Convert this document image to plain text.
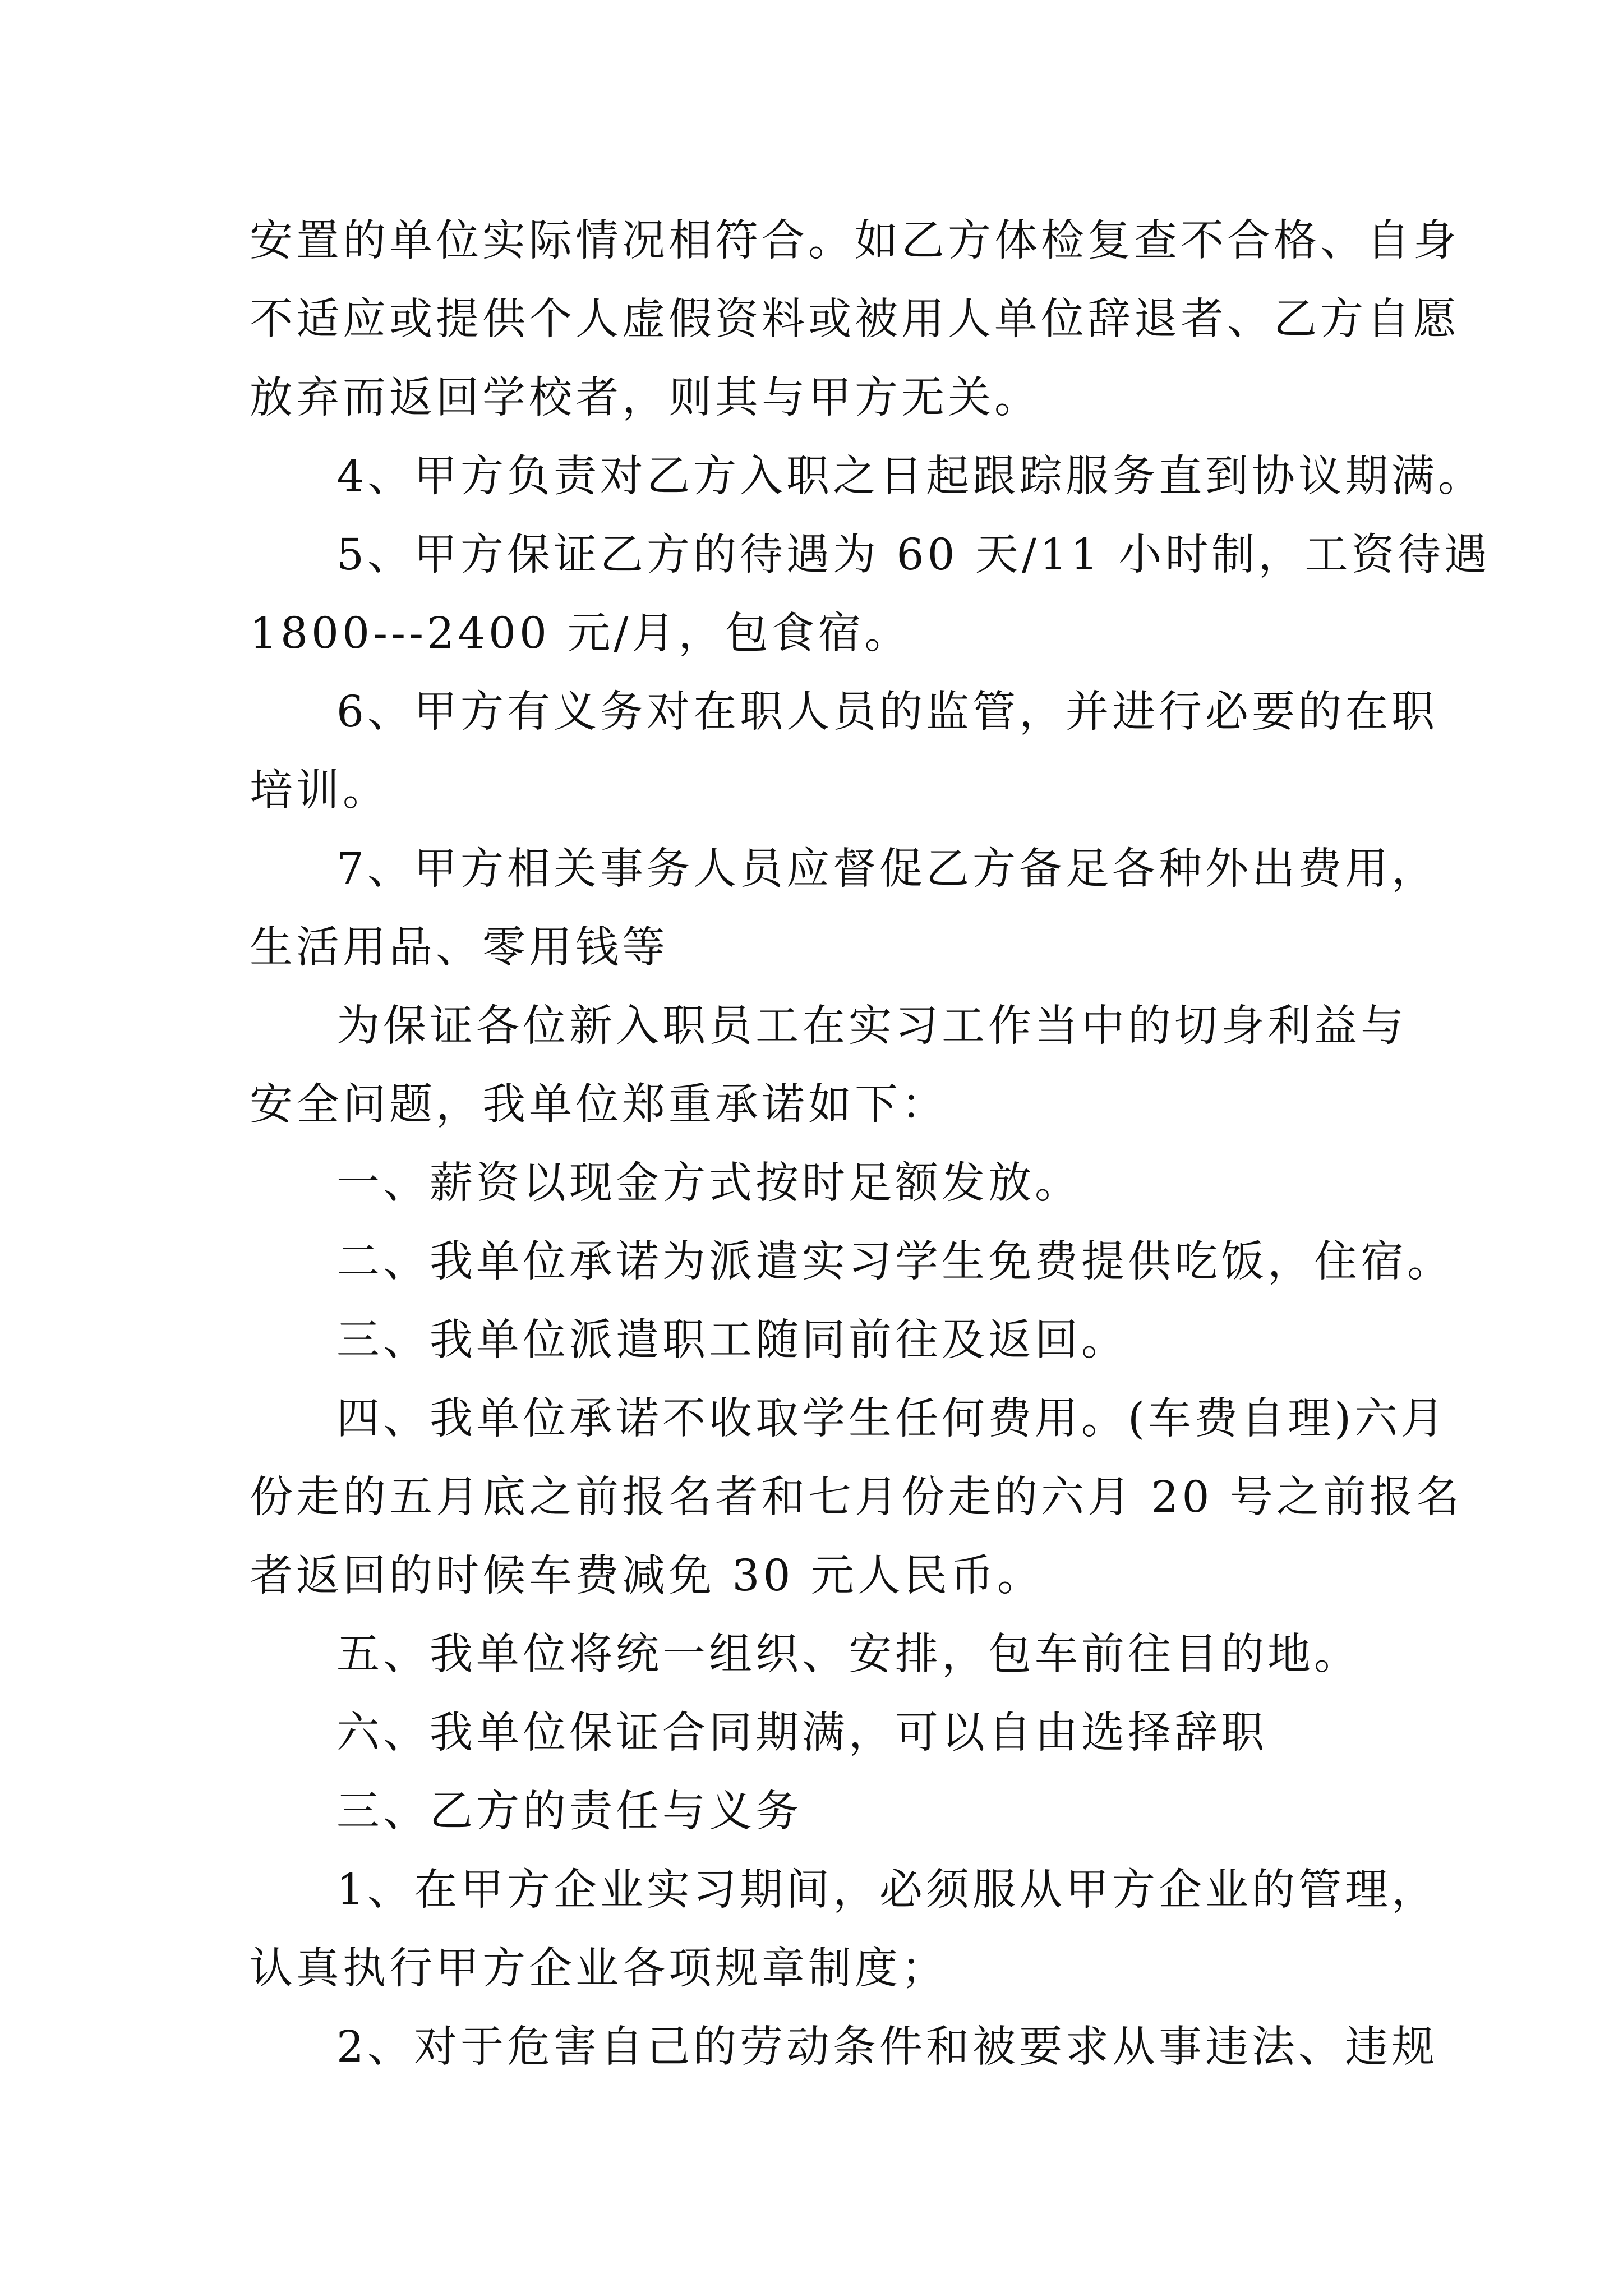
安置的单位实际情况相符合。如乙方体检复查不合格、自身
不适应或提供个人虚假资料或被用人单位辞退者、乙方自愿
放弃而返回学校者，则其与甲方无关。
4、甲方负责对乙方入职之日起跟踪服务直到协议期满。
5、甲方保证乙方的待遇为 60 天/11 小时制，工资待遇
1800---2400 元/月，包食宿。
6、甲方有义务对在职人员的监管，并进行必要的在职
培训。
7、甲方相关事务人员应督促乙方备足各种外出费用，
生活用品、零用钱等
为保证各位新入职员工在实习工作当中的切身利益与
安全问题，我单位郑重承诺如下：
一、薪资以现金方式按时足额发放。
二、我单位承诺为派遣实习学生免费提供吃饭，住宿。
三、我单位派遣职工随同前往及返回。
四、我单位承诺不收取学生任何费用。(车费自理)六月
份走的五月底之前报名者和七月份走的六月 20 号之前报名
者返回的时候车费减免 30 元人民币。
五、我单位将统一组织、安排，包车前往目的地。
六、我单位保证合同期满，可以自由选择辞职
三、乙方的责任与义务
1、在甲方企业实习期间，必须服从甲方企业的管理，
认真执行甲方企业各项规章制度；
2、对于危害自己的劳动条件和被要求从事违法、违规
